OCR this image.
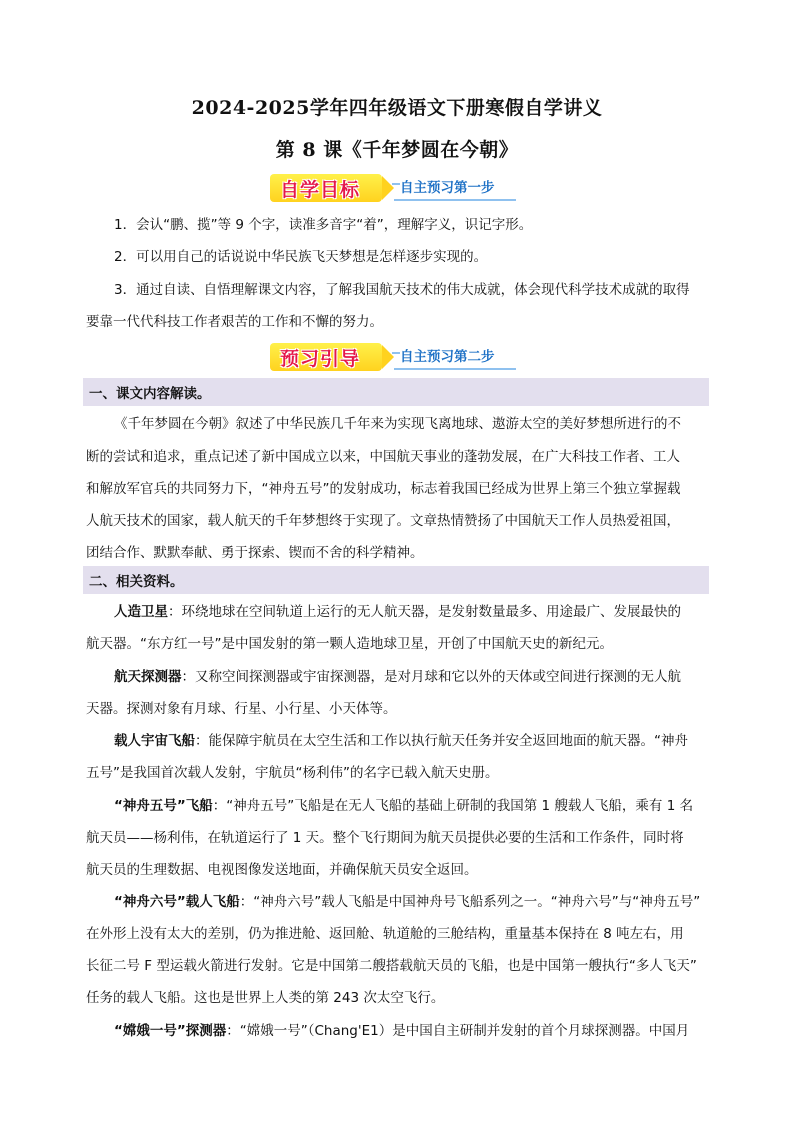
2024-2025学年四年级语文下册寒假自学讲义
第 8 课《千年梦圆在今朝》
自学目标	自主预习第一步
1．会认“鹏、揽”等 9 个字，读准多音字“着”，理解字义，识记字形。
2．可以用自己的话说说中华民族飞天梦想是怎样逐步实现的。
3．通过自读、自悟理解课文内容，了解我国航天技术的伟大成就，体会现代科学技术成就的取得
要靠一代代科技工作者艰苦的工作和不懈的努力。
预习引导	自主预习第二步
一、课文内容解读。
《千年梦圆在今朝》叙述了中华民族几千年来为实现飞离地球、遨游太空的美好梦想所进行的不
断的尝试和追求，重点记述了新中国成立以来，中国航天事业的蓬勃发展，在广大科技工作者、工人
和解放军官兵的共同努力下，“神舟五号”的发射成功，标志着我国已经成为世界上第三个独立掌握载
人航天技术的国家，载人航天的千年梦想终于实现了。文章热情赞扬了中国航天工作人员热爱祖国，
团结合作、默默奉献、勇于探索、锲而不舍的科学精神。
二、相关资料。
人造卫星：环绕地球在空间轨道上运行的无人航天器，是发射数量最多、用途最广、发展最快的
航天器。“东方红一号”是中国发射的第一颗人造地球卫星，开创了中国航天史的新纪元。
航天探测器：又称空间探测器或宇宙探测器，是对月球和它以外的天体或空间进行探测的无人航
天器。探测对象有月球、行星、小行星、小天体等。
载人宇宙飞船：能保障宇航员在太空生活和工作以执行航天任务并安全返回地面的航天器。“神舟
五号”是我国首次载人发射，宇航员“杨利伟”的名字已载入航天史册。
“神舟五号”飞船：“神舟五号”飞船是在无人飞船的基础上研制的我国第 1 艘载人飞船，乘有 1 名
航天员——杨利伟，在轨道运行了 1 天。整个飞行期间为航天员提供必要的生活和工作条件，同时将
航天员的生理数据、电视图像发送地面，并确保航天员安全返回。
“神舟六号”载人飞船：“神舟六号”载人飞船是中国神舟号飞船系列之一。“神舟六号”与“神舟五号”
在外形上没有太大的差别，仍为推进舱、返回舱、轨道舱的三舱结构，重量基本保持在 8 吨左右，用
长征二号 F 型运载火箭进行发射。它是中国第二艘搭载航天员的飞船，也是中国第一艘执行“多人飞天”
任务的载人飞船。这也是世界上人类的第 243 次太空飞行。
“嫦娥一号”探测器：“嫦娥一号”（Chang'E1）是中国自主研制并发射的首个月球探测器。中国月
